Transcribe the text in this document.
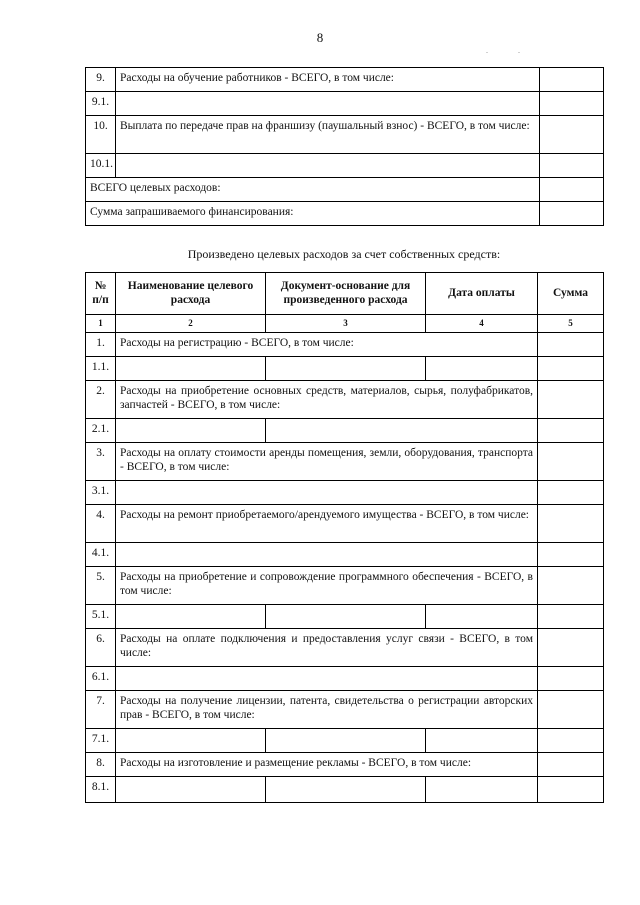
8
. .
9.	Расходы на обучение работников - ВСЕГО, в том числе:	
9.1.		
10.	Выплата по передаче прав на франшизу (паушальный взнос) - ВСЕГО, в том числе:	
10.1.		
ВСЕГО целевых расходов:		
Сумма запрашиваемого финансирования:		
Произведено целевых расходов за счет собственных средств:
№ п/п	Наименование целевого расхода	Документ-основание для произведенного расхода	Дата оплаты	Сумма
1	2	3	4	5
1.	Расходы на регистрацию - ВСЕГО, в том числе:			
1.1.				
2.	Расходы на приобретение основных средств, материалов, сырья, полуфабрикатов, запчастей - ВСЕГО, в том числе:			
2.1.				
3.	Расходы на оплату стоимости аренды помещения, земли, оборудования, транспорта - ВСЕГО, в том числе:			
3.1.				
4.	Расходы на ремонт приобретаемого/арендуемого имущества - ВСЕГО, в том числе:			
4.1.				
5.	Расходы на приобретение и сопровождение программного обеспечения - ВСЕГО, в том числе:			
5.1.				
6.	Расходы на оплате подключения и предоставления услуг связи - ВСЕГО, в том числе:			
6.1.				
7.	Расходы на получение лицензии, патента, свидетельства о регистрации авторских прав - ВСЕГО, в том числе:			
7.1.				
8.	Расходы на изготовление и размещение рекламы - ВСЕГО, в том числе:			
8.1.				
